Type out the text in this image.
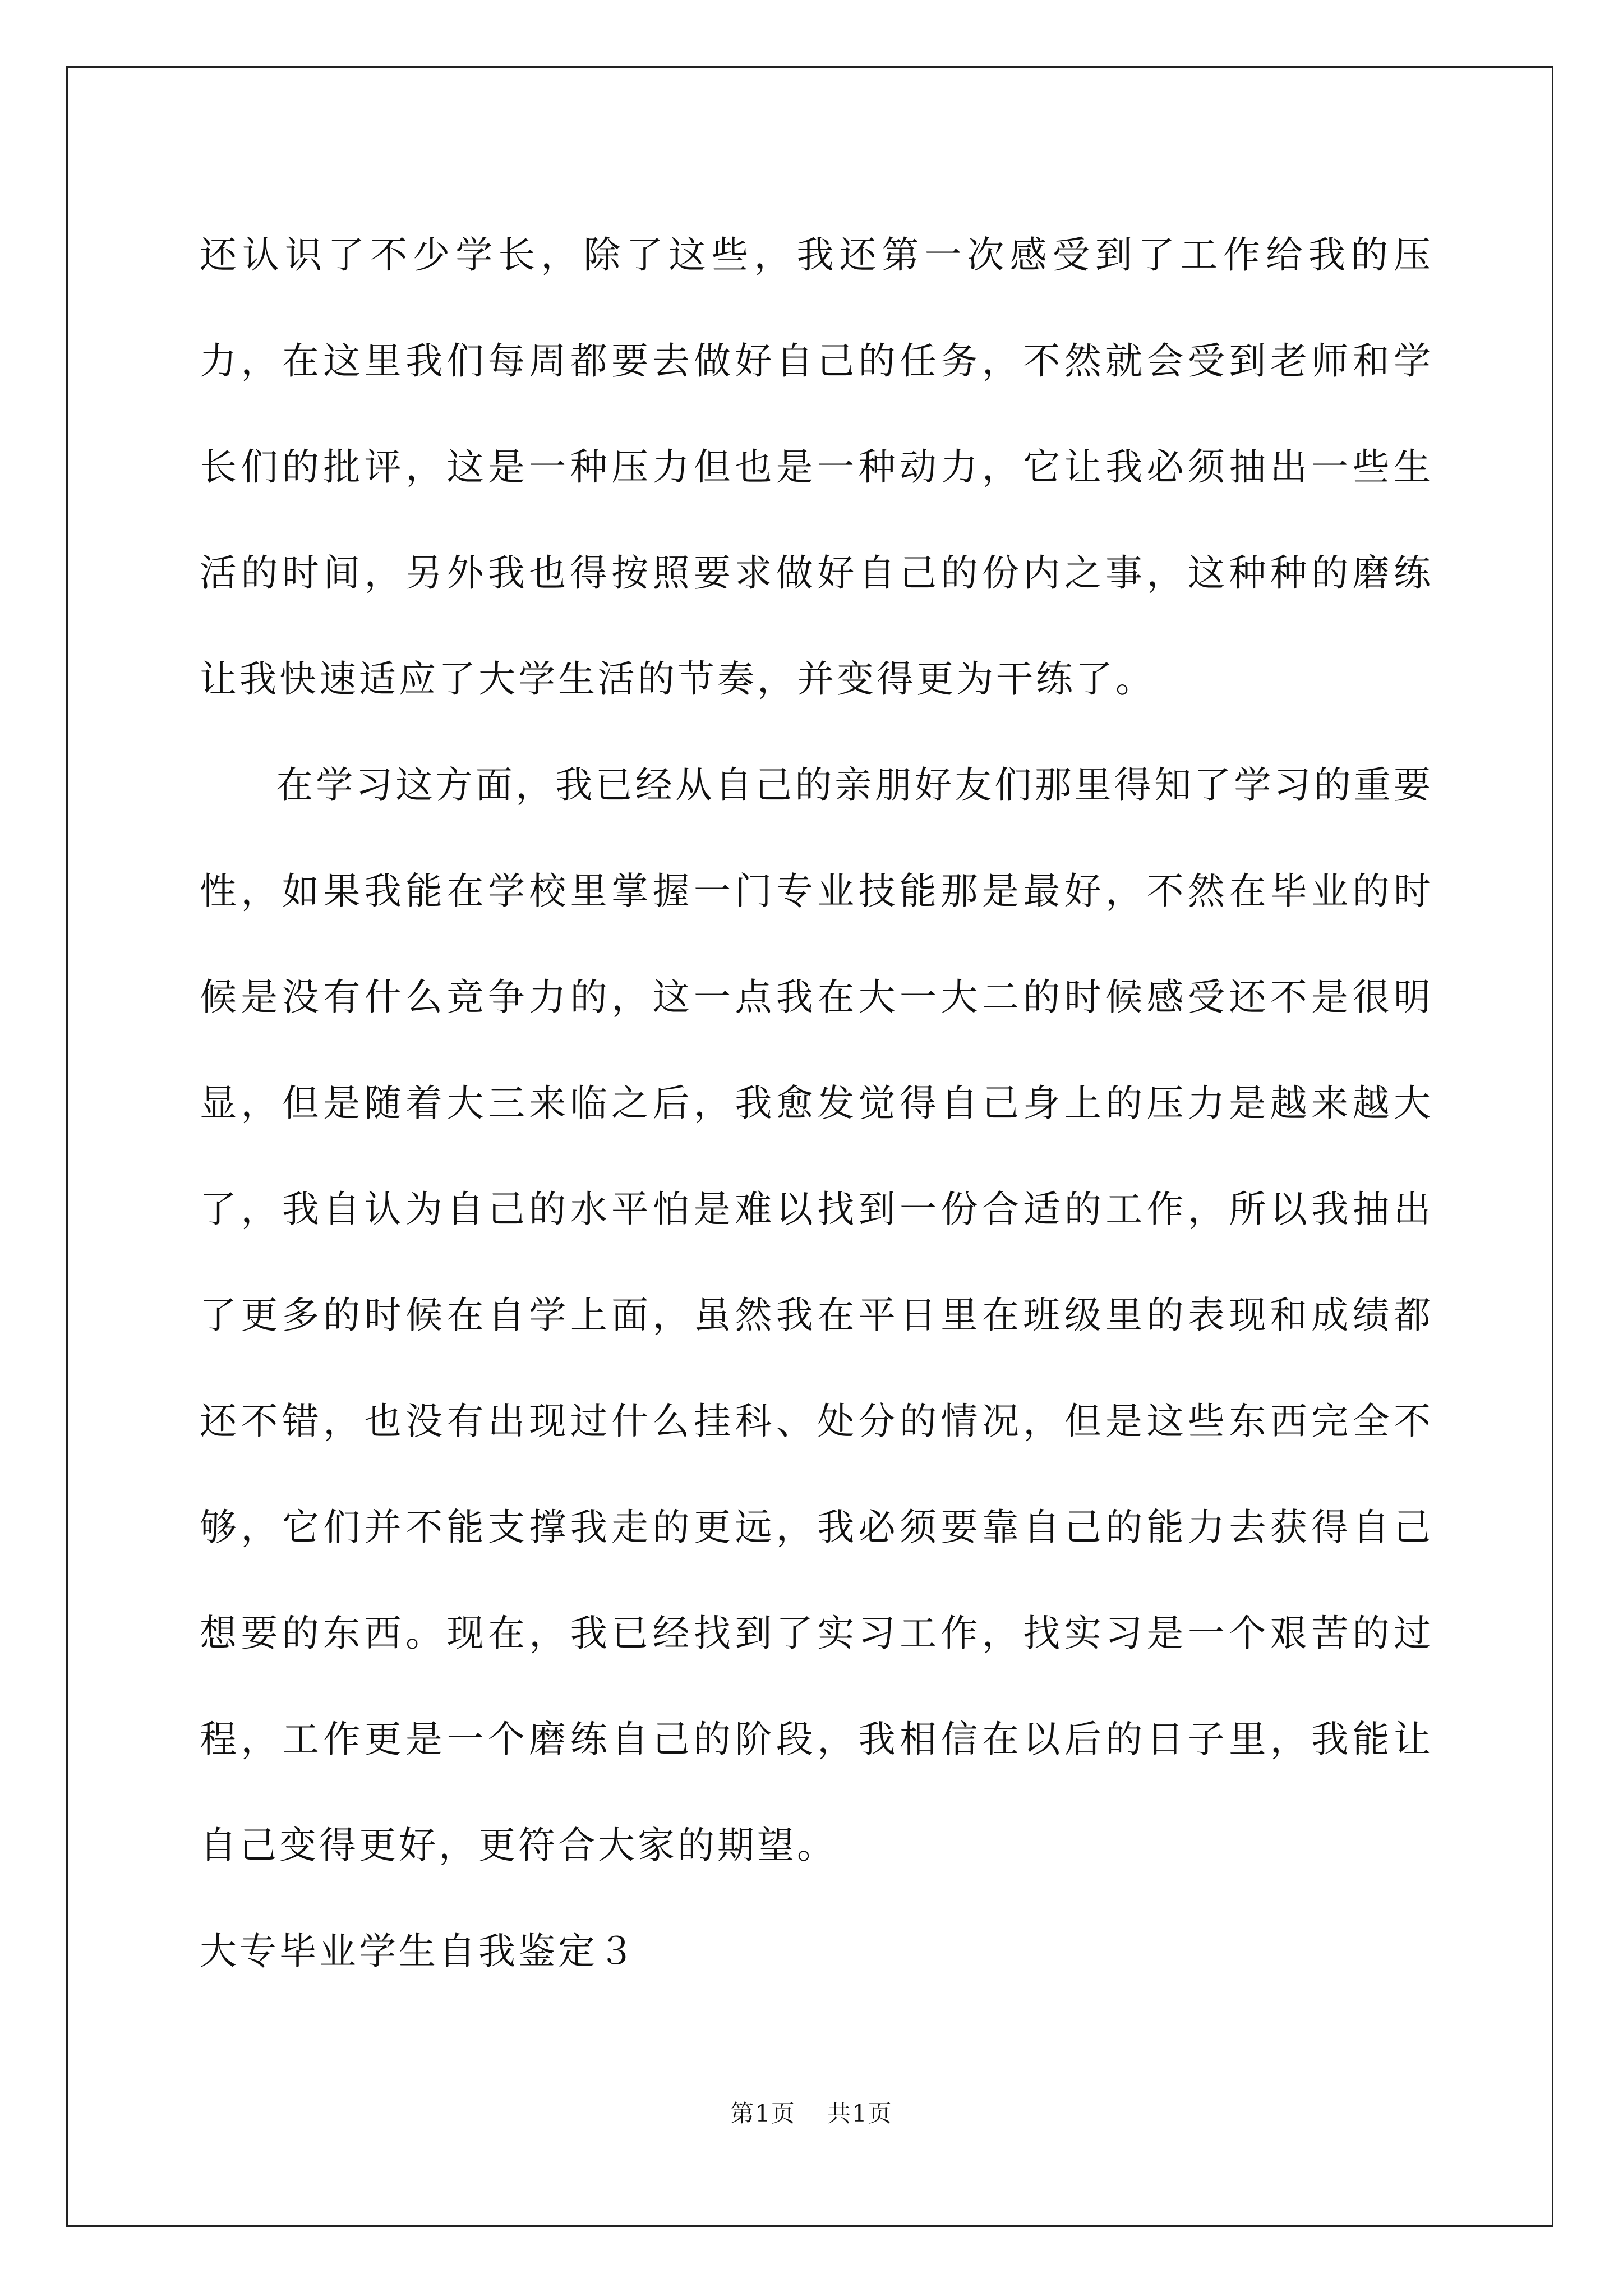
还认识了不少学长，除了这些，我还第一次感受到了工作给我的压力，在这里我们每周都要去做好自己的任务，不然就会受到老师和学长们的批评，这是一种压力但也是一种动力，它让我必须抽出一些生活的时间，另外我也得按照要求做好自己的份内之事，这种种的磨练让我快速适应了大学生活的节奏，并变得更为干练了。

在学习这方面，我已经从自己的亲朋好友们那里得知了学习的重要性，如果我能在学校里掌握一门专业技能那是最好，不然在毕业的时候是没有什么竞争力的，这一点我在大一大二的时候感受还不是很明显，但是随着大三来临之后，我愈发觉得自己身上的压力是越来越大了，我自认为自己的水平怕是难以找到一份合适的工作，所以我抽出了更多的时候在自学上面，虽然我在平日里在班级里的表现和成绩都还不错，也没有出现过什么挂科、处分的情况，但是这些东西完全不够，它们并不能支撑我走的更远，我必须要靠自己的能力去获得自己想要的东西。现在，我已经找到了实习工作，找实习是一个艰苦的过程，工作更是一个磨练自己的阶段，我相信在以后的日子里，我能让自己变得更好，更符合大家的期望。

大专毕业学生自我鉴定３
第1页 共1页
